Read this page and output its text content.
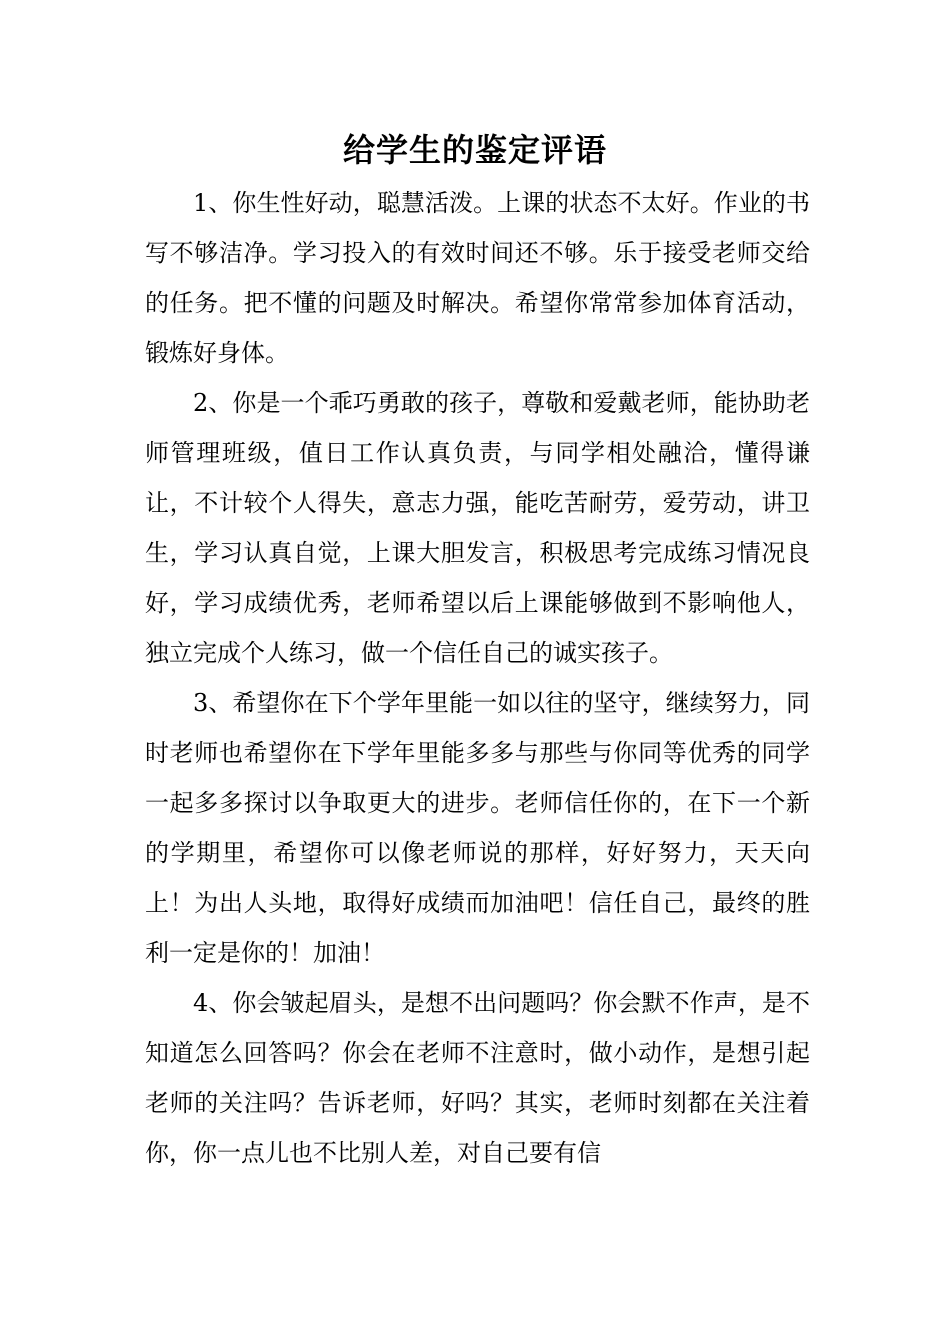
给学生的鉴定评语

1、你生性好动，聪慧活泼。上课的状态不太好。作业的书写不够洁净。学习投入的有效时间还不够。乐于接受老师交给的任务。把不懂的问题及时解决。希望你常常参加体育活动，锻炼好身体。

2、你是一个乖巧勇敢的孩子，尊敬和爱戴老师，能协助老师管理班级，值日工作认真负责，与同学相处融洽，懂得谦让，不计较个人得失，意志力强，能吃苦耐劳，爱劳动，讲卫生，学习认真自觉，上课大胆发言，积极思考完成练习情况良好，学习成绩优秀，老师希望以后上课能够做到不影响他人，独立完成个人练习，做一个信任自己的诚实孩子。

3、希望你在下个学年里能一如以往的坚守，继续努力，同时老师也希望你在下学年里能多多与那些与你同等优秀的同学一起多多探讨以争取更大的进步。老师信任你的，在下一个新的学期里，希望你可以像老师说的那样，好好努力，天天向上！为出人头地，取得好成绩而加油吧！信任自己，最终的胜利一定是你的！加油！

4、你会皱起眉头，是想不出问题吗？你会默不作声，是不知道怎么回答吗？你会在老师不注意时，做小动作，是想引起老师的关注吗？告诉老师，好吗？其实，老师时刻都在关注着你，你一点儿也不比别人差，对自己要有信
